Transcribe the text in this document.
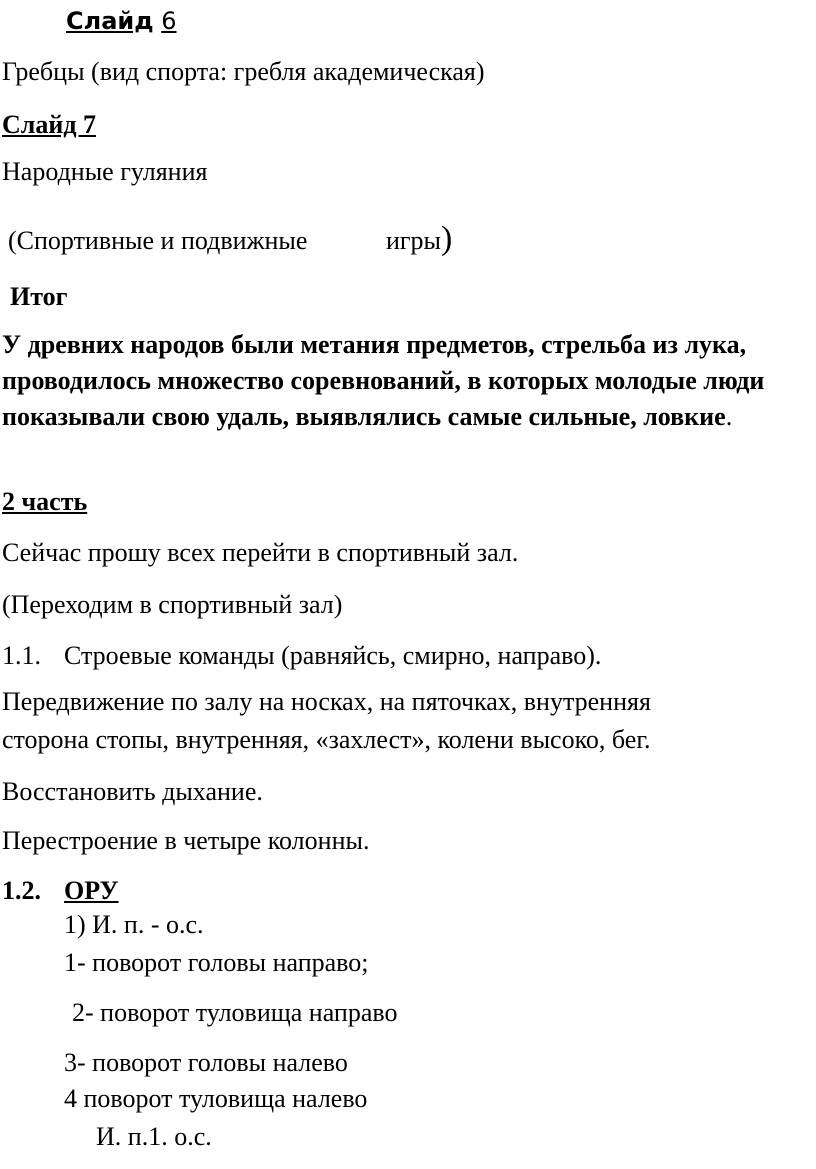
Слайд 6
Гребцы (вид спорта: гребля академическая)
Слайд 7
Народные гуляния
(Спортивные и подвижные	игры)
Итог
У древних народов были метания предметов, стрельба из лука, проводилось множество соревнований, в которых молодые люди показывали свою удаль, выявлялись самые сильные, ловкие.
2 часть
Сейчас прошу всех перейти в спортивный зал.
(Переходим в спортивный зал)
1.1. Строевые команды (равняйсь, смирно, направо).
Передвижение по залу на носках, на пяточках, внутренняя
сторона стопы, внутренняя, «захлест», колени высоко, бег.
Восстановить дыхание.
Перестроение в четыре колонны.
1.2. ОРУ
1) И. п. - о.с.
1- поворот головы направо;
2- поворот туловища направо
3- поворот головы налево
4 поворот туловища налево
И. п.1. о.с.
